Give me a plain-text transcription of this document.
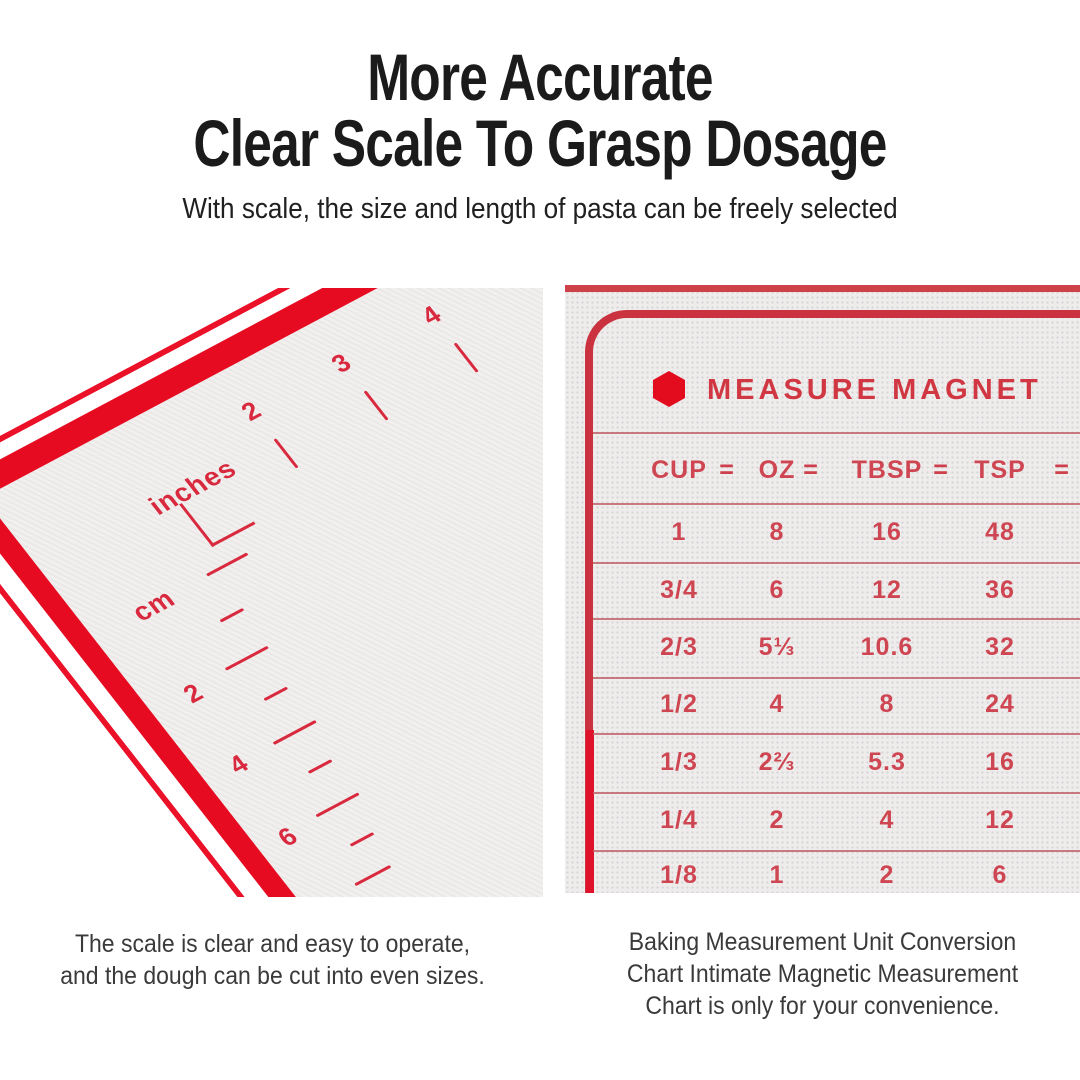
More Accurate
Clear Scale To Grasp Dosage
With scale, the size and length of pasta can be freely selected
inches
2
3
4
cm
2
4
6
MEASURE MAGNET
CUP = OZ =	TBSP =	TSP	=
1	8	16	48
3/4	6	12	36
2/3	5⅓	10.6	32
1/2	4	8	24
1/3	2⅔	5.3	16
1/4	2	4	12
1/8	1	2	6
The scale is clear and easy to operate,
and the dough can be cut into even sizes.
Baking Measurement Unit Conversion
Chart Intimate Magnetic Measurement
Chart is only for your convenience.
